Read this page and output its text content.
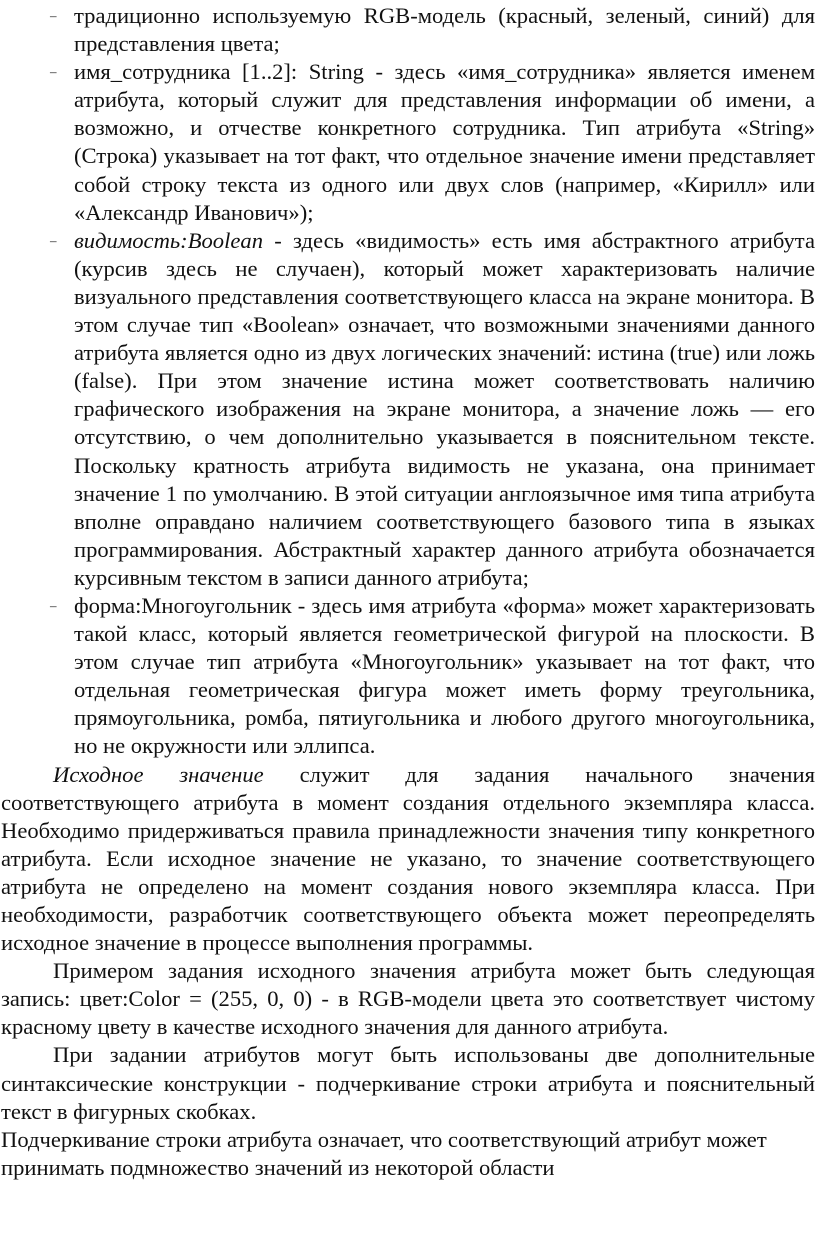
– традиционно используемую RGB-модель (красный, зеленый, синий) для представления цвета;
– имя_сотрудника [1..2]: String - здесь «имя_сотрудника» является именем атрибута, который служит для представления информации об имени, а возможно, и отчестве конкретного сотрудника. Тип атрибута «String» (Строка) указывает на тот факт, что отдельное значение имени представляет собой строку текста из одного или двух слов (например, «Кирилл» или «Александр Иванович»);
– видимость:Boolean - здесь «видимость» есть имя абстрактного атрибута (курсив здесь не случаен), который может характеризовать наличие визуального представления соответствующего класса на экране монитора. В этом случае тип «Boolean» означает, что возможными значениями данного атрибута является одно из двух логических значений: истина (true) или ложь (false). При этом значение истина может соответствовать наличию графического изображения на экране монитора, а значение ложь — его отсутствию, о чем дополнительно указывается в пояснительном тексте. Поскольку кратность атрибута видимость не указана, она принимает значение 1 по умолчанию. В этой ситуации англоязычное имя типа атрибута вполне оправдано наличием соответствующего базового типа в языках программирования. Абстрактный характер данного атрибута обозначается курсивным текстом в записи данного атрибута;
– форма:Многоугольник - здесь имя атрибута «форма» может характеризовать такой класс, который является геометрической фигурой на плоскости. В этом случае тип атрибута «Многоугольник» указывает на тот факт, что отдельная геометрическая фигура может иметь форму треугольника, прямоугольника, ромба, пятиугольника и любого другого многоугольника, но не окружности или эллипса.

Исходное значение служит для задания начального значения соответствующего атрибута в момент создания отдельного экземпляра класса. Необходимо придерживаться правила принадлежности значения типу конкретного атрибута. Если исходное значение не указано, то значение соответствующего атрибута не определено на момент создания нового экземпляра класса. При необходимости, разработчик соответствующего объекта может переопределять исходное значение в процессе выполнения программы.

Примером задания исходного значения атрибута может быть следующая запись: цвет:Color = (255, 0, 0) - в RGB-модели цвета это соответствует чистому красному цвету в качестве исходного значения для данного атрибута.

При задании атрибутов могут быть использованы две дополнительные синтаксические конструкции - подчеркивание строки атрибута и пояснительный текст в фигурных скобках.

Подчеркивание строки атрибута означает, что соответствующий атрибут может принимать подмножество значений из некоторой области
